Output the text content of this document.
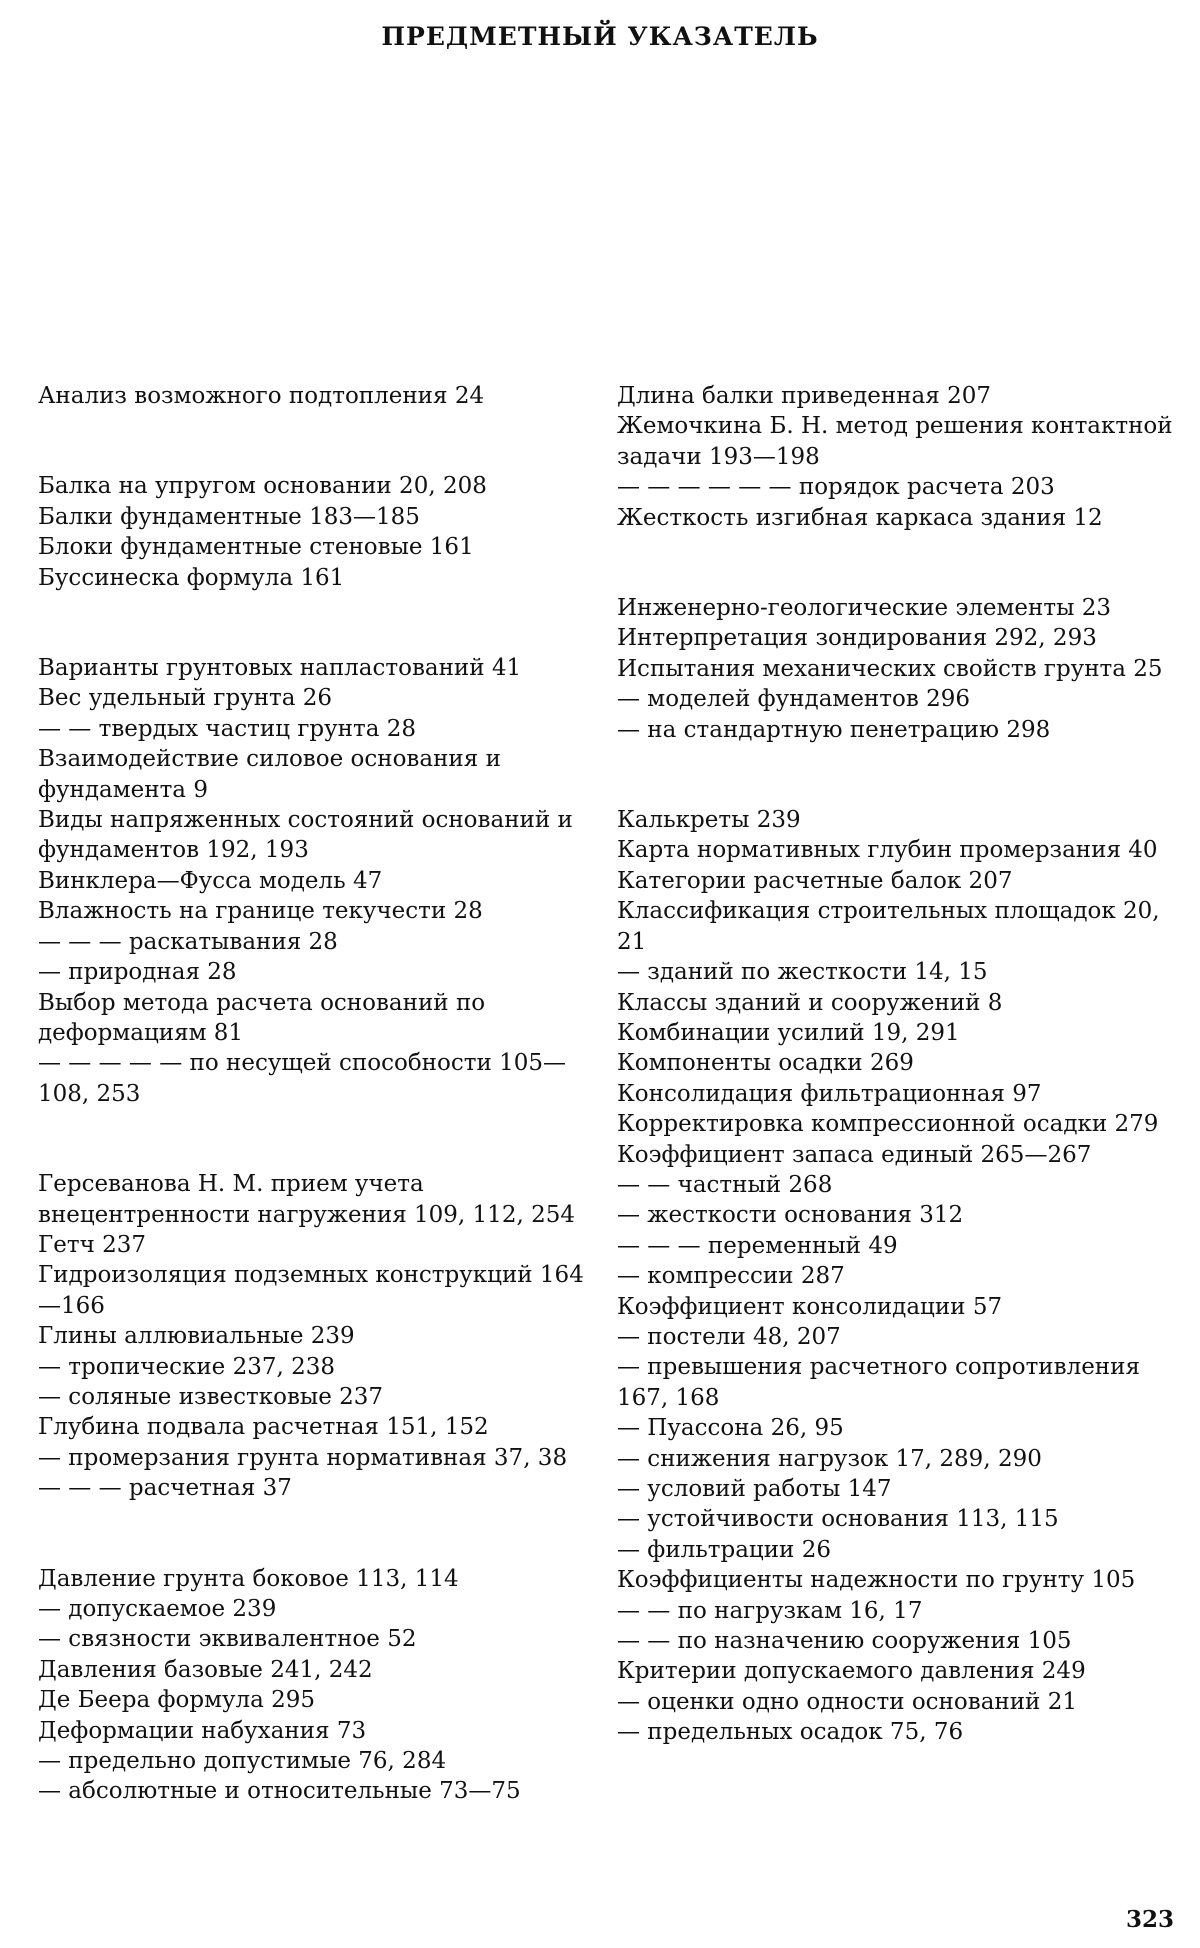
ПРЕДМЕТНЫЙ УКАЗАТЕЛЬ
Анализ возможного подтопления 24
Балка на упругом основании 20, 208
Балки фундаментные 183—185
Блоки фундаментные стеновые 161
Буссинеска формула 161
Варианты грунтовых напластований 41
Вес удельный грунта 26
— — твердых частиц грунта 28
Взаимодействие силовое основания и фундамента 9
Виды напряженных состояний оснований и фундаментов 192, 193
Винклера—Фусса модель 47
Влажность на границе текучести 28
— — — раскатывания 28
— природная 28
Выбор метода расчета оснований по деформациям 81
— — — — — по несущей способности 105—108, 253
Герсеванова Н. М. прием учета внецентренности нагружения 109, 112, 254
Гетч 237
Гидроизоляция подземных конструкций 164—166
Глины аллювиальные 239
— тропические 237, 238
— соляные известковые 237
Глубина подвала расчетная 151, 152
— промерзания грунта нормативная 37, 38
— — — расчетная 37
Давление грунта боковое 113, 114
— допускаемое 239
— связности эквивалентное 52
Давления базовые 241, 242
Де Беера формула 295
Деформации набухания 73
— предельно допустимые 76, 284
— абсолютные и относительные 73—75
Длина балки приведенная 207
Жемочкина Б. Н. метод решения контактной задачи 193—198
— — — — — — порядок расчета 203
Жесткость изгибная каркаса здания 12
Инженерно-геологические элементы 23
Интерпретация зондирования 292, 293
Испытания механических свойств грунта 25
— моделей фундаментов 296
— на стандартную пенетрацию 298
Калькреты 239
Карта нормативных глубин промерзания 40
Категории расчетные балок 207
Классификация строительных площадок 20, 21
— зданий по жесткости 14, 15
Классы зданий и сооружений 8
Комбинации усилий 19, 291
Компоненты осадки 269
Консолидация фильтрационная 97
Корректировка компрессионной осадки 279
Коэффициент запаса единый 265—267
— — частный 268
— жесткости основания 312
— — — переменный 49
— компрессии 287
Коэффициент консолидации 57
— постели 48, 207
— превышения расчетного сопротивления 167, 168
— Пуассона 26, 95
— снижения нагрузок 17, 289, 290
— условий работы 147
— устойчивости основания 113, 115
— фильтрации 26
Коэффициенты надежности по грунту 105
— — по нагрузкам 16, 17
— — по назначению сооружения 105
Критерии допускаемого давления 249
— оценки одно одности оснований 21
— предельных осадок 75, 76
323
